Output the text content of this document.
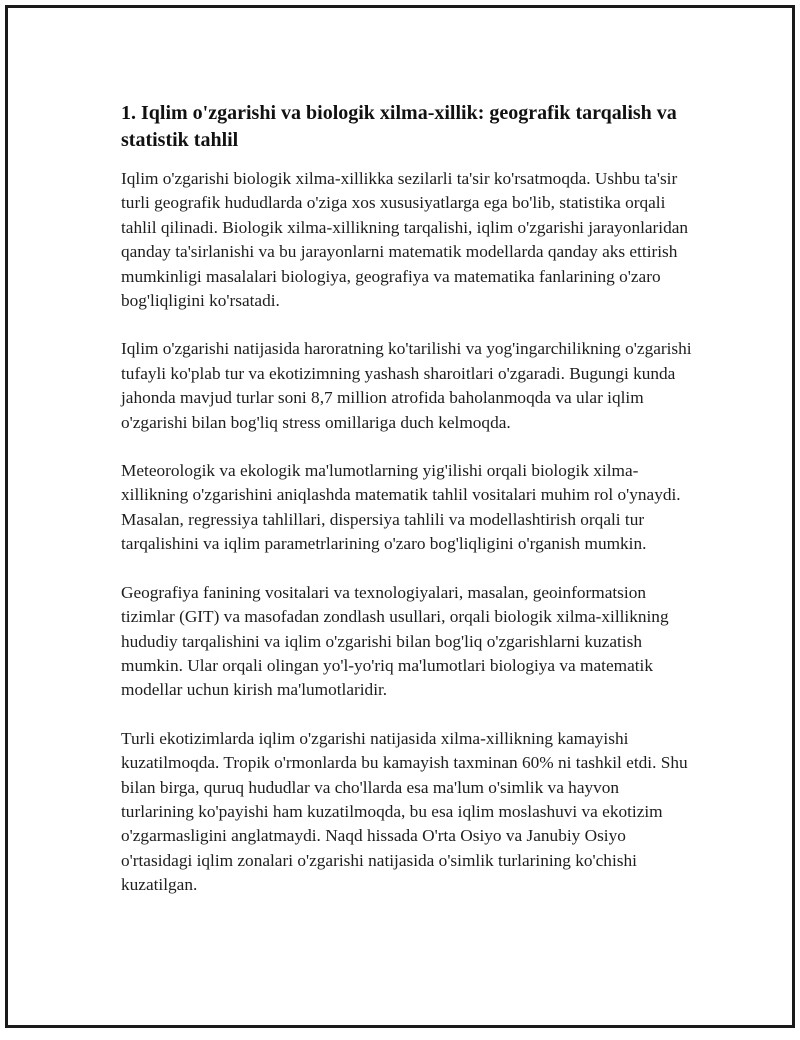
1. Iqlim o'zgarishi va biologik xilma-xillik: geografik tarqalish va statistik tahlil

Iqlim o'zgarishi biologik xilma-xillikka sezilarli ta'sir ko'rsatmoqda. Ushbu ta'sir turli geografik hududlarda o'ziga xos xususiyatlarga ega bo'lib, statistika orqali tahlil qilinadi. Biologik xilma-xillikning tarqalishi, iqlim o'zgarishi jarayonlaridan qanday ta'sirlanishi va bu jarayonlarni matematik modellarda qanday aks ettirish mumkinligi masalalari biologiya, geografiya va matematika fanlarining o'zaro bog'liqligini ko'rsatadi.

Iqlim o'zgarishi natijasida haroratning ko'tarilishi va yog'ingarchilikning o'zgarishi tufayli ko'plab tur va ekotizimning yashash sharoitlari o'zgaradi. Bugungi kunda jahonda mavjud turlar soni 8,7 million atrofida baholanmoqda va ular iqlim o'zgarishi bilan bog'liq stress omillariga duch kelmoqda.

Meteorologik va ekologik ma'lumotlarning yig'ilishi orqali biologik xilma-xillikning o'zgarishini aniqlashda matematik tahlil vositalari muhim rol o'ynaydi. Masalan, regressiya tahlillari, dispersiya tahlili va modellashtirish orqali tur tarqalishini va iqlim parametrlarining o'zaro bog'liqligini o'rganish mumkin.

Geografiya fanining vositalari va texnologiyalari, masalan, geoinformatsion tizimlar (GIT) va masofadan zondlash usullari, orqali biologik xilma-xillikning hududiy tarqalishini va iqlim o'zgarishi bilan bog'liq o'zgarishlarni kuzatish mumkin. Ular orqali olingan yo'l-yo'riq ma'lumotlari biologiya va matematik modellar uchun kirish ma'lumotlaridir.

Turli ekotizimlarda iqlim o'zgarishi natijasida xilma-xillikning kamayishi kuzatilmoqda. Tropik o'rmonlarda bu kamayish taxminan 60% ni tashkil etdi. Shu bilan birga, quruq hududlar va cho'llarda esa ma'lum o'simlik va hayvon turlarining ko'payishi ham kuzatilmoqda, bu esa iqlim moslashuvi va ekotizim o'zgarmasligini anglatmaydi. Naqd hissada O'rta Osiyo va Janubiy Osiyo o'rtasidagi iqlim zonalari o'zgarishi natijasida o'simlik turlarining ko'chishi kuzatilgan.
